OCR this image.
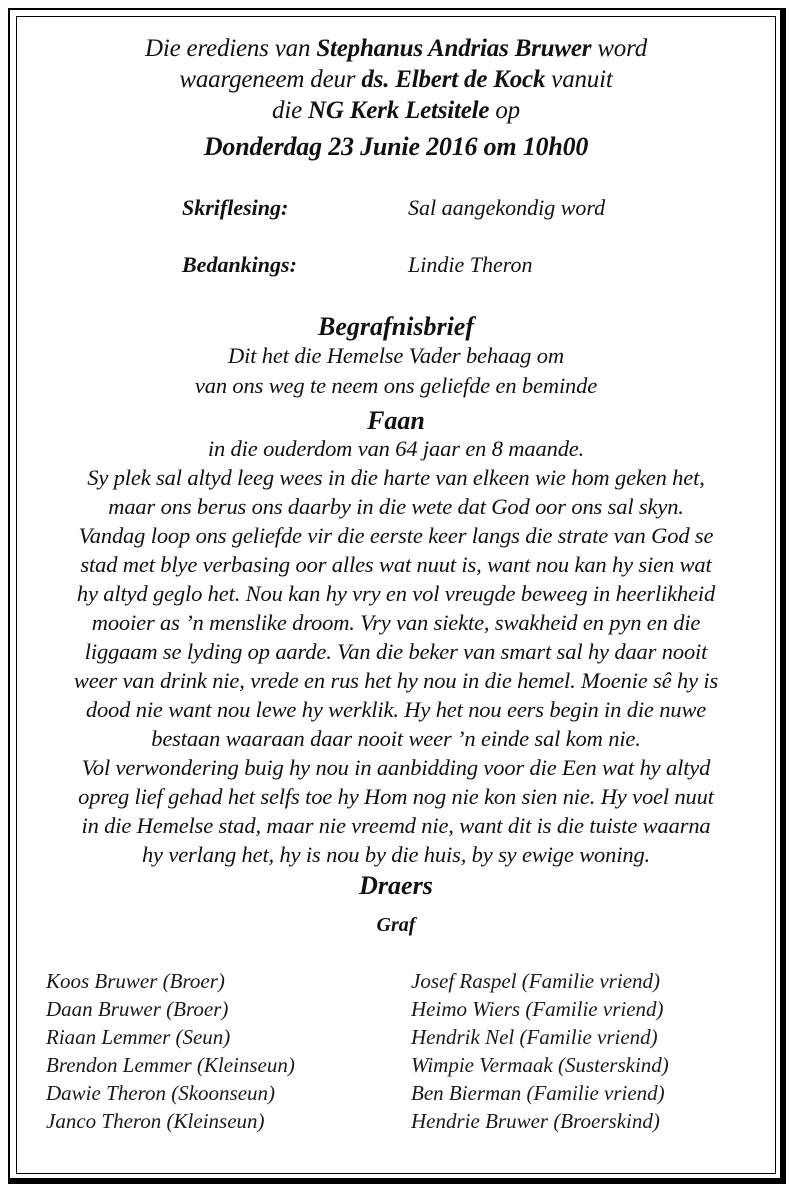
Die erediens van Stephanus Andrias Bruwer word
waargeneem deur ds. Elbert de Kock vanuit
die NG Kerk Letsitele op
Donderdag 23 Junie 2016 om 10h00
Skriflesing:	Sal aangekondig word
Bedankings:	Lindie Theron
Begrafnisbrief
Dit het die Hemelse Vader behaag om
van ons weg te neem ons geliefde en beminde
Faan
in die ouderdom van 64 jaar en 8 maande.
Sy plek sal altyd leeg wees in die harte van elkeen wie hom geken het,
maar ons berus ons daarby in die wete dat God oor ons sal skyn.
Vandag loop ons geliefde vir die eerste keer langs die strate van God se
stad met blye verbasing oor alles wat nuut is, want nou kan hy sien wat
hy altyd geglo het. Nou kan hy vry en vol vreugde beweeg in heerlikheid
mooier as ’n menslike droom. Vry van siekte, swakheid en pyn en die
liggaam se lyding op aarde. Van die beker van smart sal hy daar nooit
weer van drink nie, vrede en rus het hy nou in die hemel. Moenie sê hy is
dood nie want nou lewe hy werklik. Hy het nou eers begin in die nuwe
bestaan waaraan daar nooit weer ’n einde sal kom nie.
Vol verwondering buig hy nou in aanbidding voor die Een wat hy altyd
opreg lief gehad het selfs toe hy Hom nog nie kon sien nie. Hy voel nuut
in die Hemelse stad, maar nie vreemd nie, want dit is die tuiste waarna
hy verlang het, hy is nou by die huis, by sy ewige woning.
Draers
Graf
Koos Bruwer (Broer)
Daan Bruwer (Broer)
Riaan Lemmer (Seun)
Brendon Lemmer (Kleinseun)
Dawie Theron (Skoonseun)
Janco Theron (Kleinseun)
Josef Raspel (Familie vriend)
Heimo Wiers (Familie vriend)
Hendrik Nel (Familie vriend)
Wimpie Vermaak (Susterskind)
Ben Bierman (Familie vriend)
Hendrie Bruwer (Broerskind)
